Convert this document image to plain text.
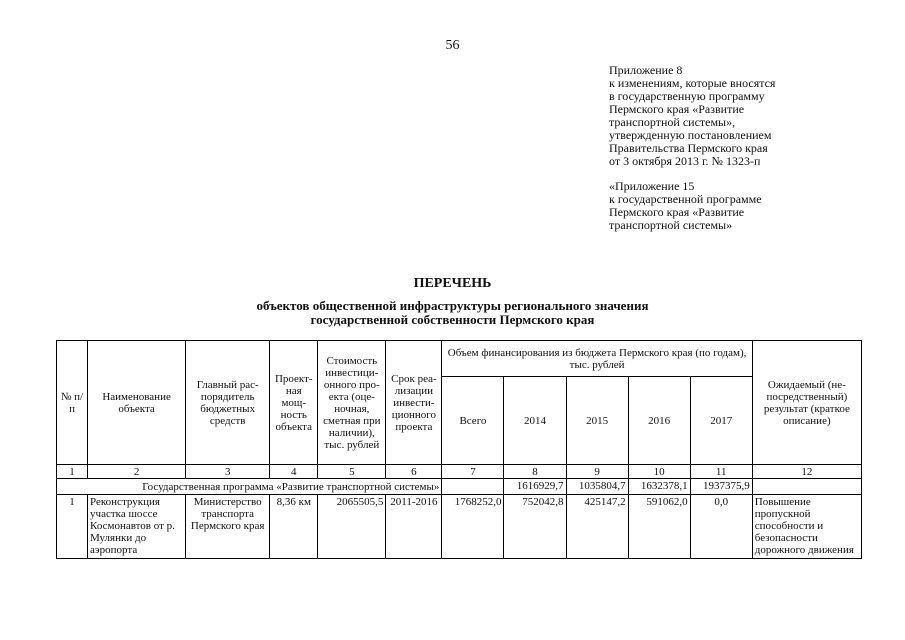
56
Приложение 8
к изменениям, которые вносятся
в государственную программу
Пермского края «Развитие
транспортной системы»,
утвержденную постановлением
Правительства Пермского края
от 3 октября 2013 г. № 1323-п
«Приложение 15
к государственной программе
Пермского края «Развитие
транспортной системы»
ПЕРЕЧЕНЬ
объектов общественной инфраструктуры регионального значения
государственной собственности Пермского края
№ п/п	Наименование объекта	Главный рас-порядитель бюджетных средств	Проект-ная мощ-ность объекта	Стоимость инвестици-онного про-екта (оце-ночная, сметная при наличии), тыс. рублей	Срок реа-лизации инвести-ционного проекта	Объем финансирования из бюджета Пермского края (по годам), тыс. рублей					Ожидаемый (не-посредственный) результат (краткое описание)
						Всего	2014	2015	2016	2017	
1	2	3	4	5	6	7	8	9	10	11	12
Государственная программа «Развитие транспортной системы»							1616929,7	1035804,7	1632378,1	1937375,9	
1	Реконструкция участка шоссе Космонавтов от р. Мулянки до аэропорта	Министерство транспорта Пермского края	8,36 км	2065505,5	2011-2016	1768252,0	752042,8	425147,2	591062,0	0,0	Повышение пропускной способности и безопасности дорожного движения
